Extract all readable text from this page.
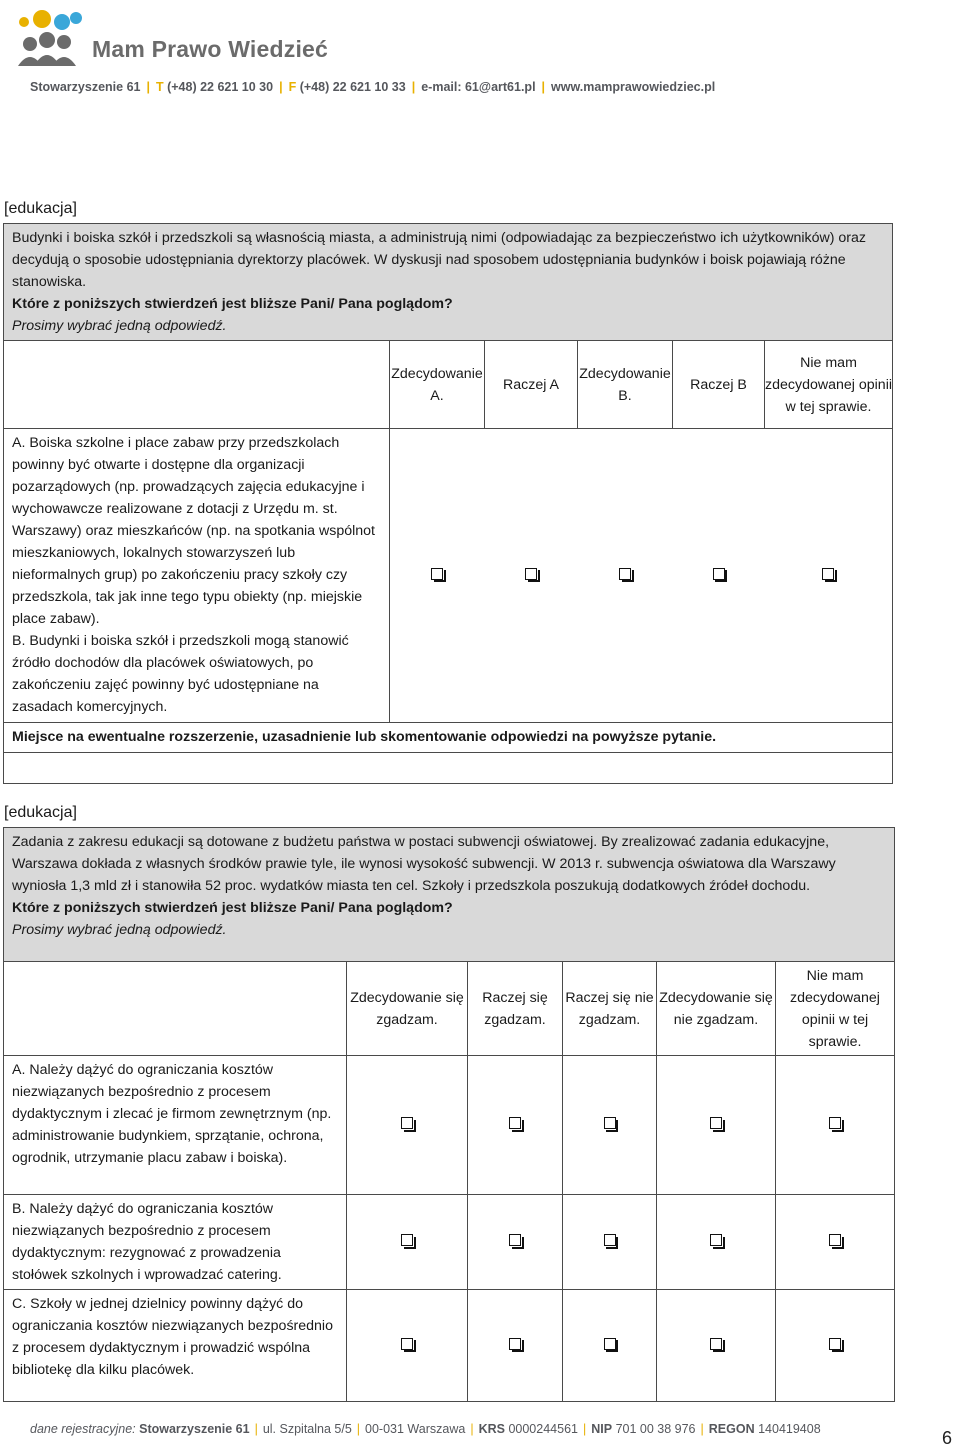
Mam Prawo Wiedzieć
Stowarzyszenie 61 | T (+48) 22 621 10 30 | F (+48) 22 621 10 33 | e-mail: 61@art61.pl | www.mamprawowiedziec.pl
[edukacja]
Budynki i boiska szkół i przedszkoli są własnością miasta, a administrują nimi (odpowiadając za bezpieczeństwo ich użytkowników) oraz decydują o sposobie udostępniania dyrektorzy placówek. W dyskusji nad sposobem udostępniania budynków i boisk pojawiają różne stanowiska.
Które z poniższych stwierdzeń jest bliższe Pani/ Pana poglądom?
Prosimy wybrać jedną odpowiedź.					

	Zdecydowanie A.	Raczej A	Zdecydowanie B.	Raczej B	Nie mam zdecydowanej opinii w tej sprawie.

A. Boiska szkolne i place zabaw przy przedszkolach powinny być otwarte i dostępne dla organizacji pozarządowych (np. prowadzących zajęcia edukacyjne i wychowawcze realizowane z dotacji z Urzędu m. st. Warszawy) oraz mieszkańców (np. na spotkania wspólnot mieszkaniowych, lokalnych stowarzyszeń lub nieformalnych grup) po zakończeniu pracy szkoły czy przedszkola, tak jak inne tego typu obiekty (np. miejskie place zabaw).

B. Budynki i boiska szkół i przedszkoli mogą stanowić źródło dochodów dla placówek oświatowych, po zakończeniu zajęć powinny być udostępniane na zasadach komercyjnych.					

Miejsce na ewentualne rozszerzenie, uzasadnienie lub skomentowanie odpowiedzi na powyższe pytanie.					

[edukacja]
Zadania z zakresu edukacji są dotowane z budżetu państwa w postaci subwencji oświatowej. By zrealizować zadania edukacyjne, Warszawa dokłada z własnych środków prawie tyle, ile wynosi wysokość subwencji. W 2013 r. subwencja oświatowa dla Warszawy wyniosła 1,3 mld zł i stanowiła 52 proc. wydatków miasta ten cel. Szkoły i przedszkola poszukują dodatkowych źródeł dochodu.
Które z poniższych stwierdzeń jest bliższe Pani/ Pana poglądom?
Prosimy wybrać jedną odpowiedź.					

	Zdecydowanie się zgadzam.	Raczej się zgadzam.	Raczej się nie zgadzam.	Zdecydowanie się nie zgadzam.	Nie mam zdecydowanej opinii w tej sprawie.
A. Należy dążyć do ograniczania kosztów niezwiązanych bezpośrednio z procesem dydaktycznym i zlecać je firmom zewnętrznym (np. administrowanie budynkiem, sprzątanie, ochrona, ogrodnik, utrzymanie placu zabaw i boiska).					
B. Należy dążyć do ograniczania kosztów niezwiązanych bezpośrednio z procesem dydaktycznym: rezygnować z prowadzenia stołówek szkolnych i wprowadzać catering.					
C. Szkoły w jednej dzielnicy powinny dążyć do ograniczania kosztów niezwiązanych bezpośrednio z procesem dydaktycznym i prowadzić wspólna bibliotekę dla kilku placówek.					
dane rejestracyjne: Stowarzyszenie 61 | ul. Szpitalna 5/5 | 00-031 Warszawa | KRS 0000244561 | NIP 701 00 38 976 | REGON 140419408	6
